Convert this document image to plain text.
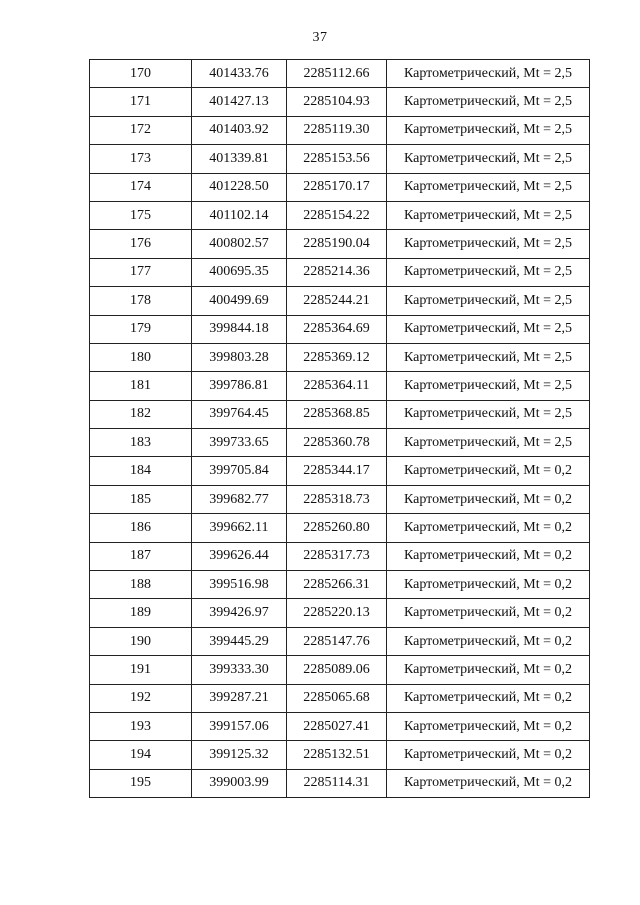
37
170	401433.76	2285112.66	Картометрический, Mt = 2,5
171	401427.13	2285104.93	Картометрический, Mt = 2,5
172	401403.92	2285119.30	Картометрический, Mt = 2,5
173	401339.81	2285153.56	Картометрический, Mt = 2,5
174	401228.50	2285170.17	Картометрический, Mt = 2,5
175	401102.14	2285154.22	Картометрический, Mt = 2,5
176	400802.57	2285190.04	Картометрический, Mt = 2,5
177	400695.35	2285214.36	Картометрический, Mt = 2,5
178	400499.69	2285244.21	Картометрический, Mt = 2,5
179	399844.18	2285364.69	Картометрический, Mt = 2,5
180	399803.28	2285369.12	Картометрический, Mt = 2,5
181	399786.81	2285364.11	Картометрический, Mt = 2,5
182	399764.45	2285368.85	Картометрический, Mt = 2,5
183	399733.65	2285360.78	Картометрический, Mt = 2,5
184	399705.84	2285344.17	Картометрический, Mt = 0,2
185	399682.77	2285318.73	Картометрический, Mt = 0,2
186	399662.11	2285260.80	Картометрический, Mt = 0,2
187	399626.44	2285317.73	Картометрический, Mt = 0,2
188	399516.98	2285266.31	Картометрический, Mt = 0,2
189	399426.97	2285220.13	Картометрический, Mt = 0,2
190	399445.29	2285147.76	Картометрический, Mt = 0,2
191	399333.30	2285089.06	Картометрический, Mt = 0,2
192	399287.21	2285065.68	Картометрический, Mt = 0,2
193	399157.06	2285027.41	Картометрический, Mt = 0,2
194	399125.32	2285132.51	Картометрический, Mt = 0,2
195	399003.99	2285114.31	Картометрический, Mt = 0,2
